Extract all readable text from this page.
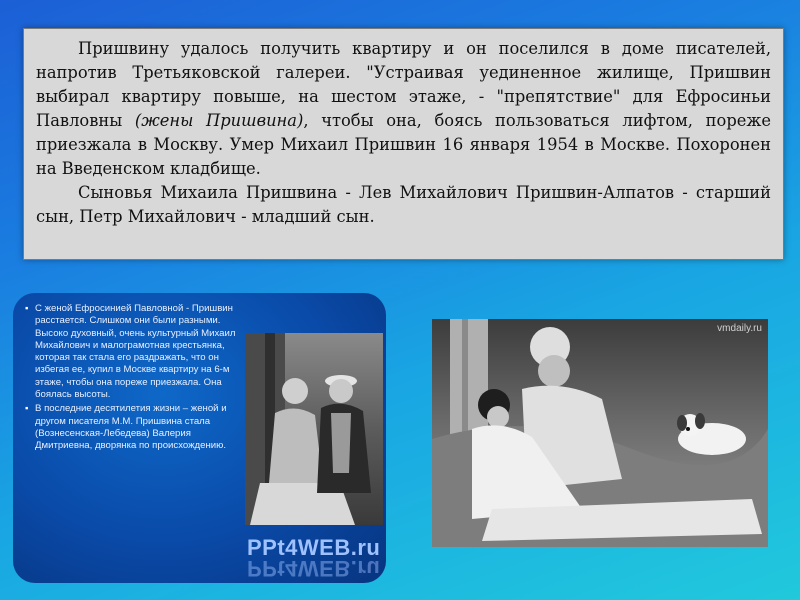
Пришвину удалось получить квартиру и он поселился в доме писателей, напротив Третьяковской галереи. "Устраивая уединенное жилище, Пришвин выбирал квартиру повыше, на шестом этаже, - "препятствие" для Ефросиньи Павловны (жены Пришвина), чтобы она, боясь пользоваться лифтом, пореже приезжала в Москву. Умер Михаил Пришвин 16 января 1954 в Москве. Похоронен на Введенском кладбище.

Сыновья Михаила Пришвина - Лев Михайлович Пришвин-Алпатов - старший сын, Петр Михайлович - младший сын.

▪ С женой Ефросинией Павловной - Пришвин расстается. Слишком они были разными. Высоко духовный, очень культурный Михаил Михайлович и малограмотная крестьянка, которая так стала его раздражать, что он избегая ее, купил в Москве квартиру на 6-м этаже, чтобы она пореже приезжала. Она боялась высоты.
▪ В последние десятилетия жизни – женой и другом писателя М.М. Пришвина стала (Вознесенская-Лебедева) Валерия Дмитриевна, дворянка по происхождению.
PPt4WEB.ru
PPt4WEB.ru
vmdaily.ru
